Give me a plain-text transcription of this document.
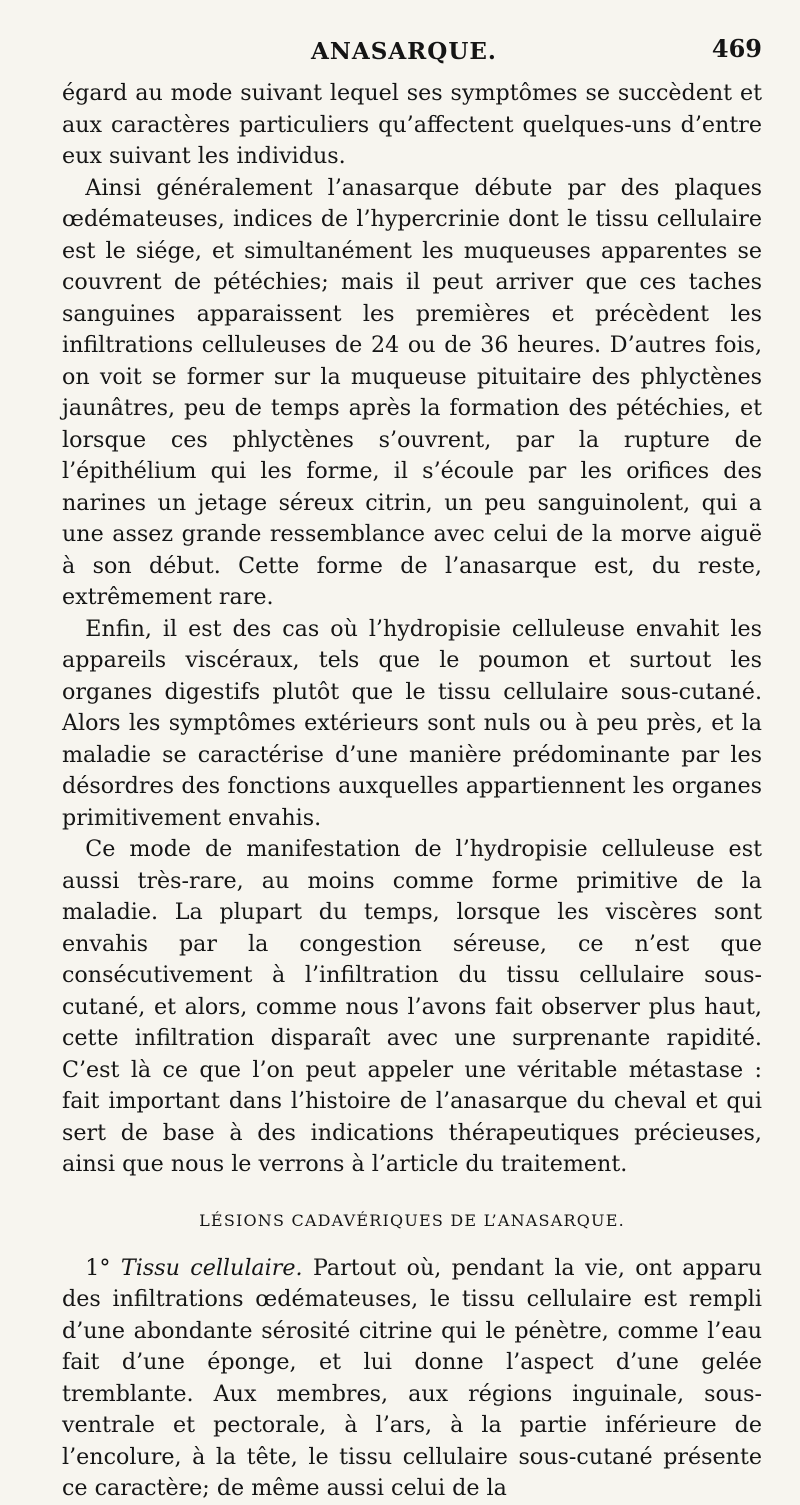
ANASARQUE.	469

égard au mode suivant lequel ses symptômes se succèdent et aux caractères particuliers qu’affectent quelques-uns d’entre eux suivant les individus.

Ainsi généralement l’anasarque débute par des plaques œdémateuses, indices de l’hypercrinie dont le tissu cellulaire est le siége, et simultanément les muqueuses apparentes se couvrent de pétéchies; mais il peut arriver que ces taches sanguines apparaissent les premières et précèdent les infiltrations celluleuses de 24 ou de 36 heures. D’autres fois, on voit se former sur la muqueuse pituitaire des phlyctènes jaunâtres, peu de temps après la formation des pétéchies, et lorsque ces phlyctènes s’ouvrent, par la rupture de l’épithélium qui les forme, il s’écoule par les orifices des narines un jetage séreux citrin, un peu sanguinolent, qui a une assez grande ressemblance avec celui de la morve aiguë à son début. Cette forme de l’anasarque est, du reste, extrêmement rare.

Enfin, il est des cas où l’hydropisie celluleuse envahit les appareils viscéraux, tels que le poumon et surtout les organes digestifs plutôt que le tissu cellulaire sous-cutané. Alors les symptômes extérieurs sont nuls ou à peu près, et la maladie se caractérise d’une manière prédominante par les désordres des fonctions auxquelles appartiennent les organes primitivement envahis.

Ce mode de manifestation de l’hydropisie celluleuse est aussi très-rare, au moins comme forme primitive de la maladie. La plupart du temps, lorsque les viscères sont envahis par la congestion séreuse, ce n’est que consécutivement à l’infiltration du tissu cellulaire sous-cutané, et alors, comme nous l’avons fait observer plus haut, cette infiltration disparaît avec une surprenante rapidité. C’est là ce que l’on peut appeler une véritable métastase : fait important dans l’histoire de l’anasarque du cheval et qui sert de base à des indications thérapeutiques précieuses, ainsi que nous le verrons à l’article du traitement.

LÉSIONS CADAVÉRIQUES DE L’ANASARQUE.

1° Tissu cellulaire. Partout où, pendant la vie, ont apparu des infiltrations œdémateuses, le tissu cellulaire est rempli d’une abondante sérosité citrine qui le pénètre, comme l’eau fait d’une éponge, et lui donne l’aspect d’une gelée tremblante. Aux membres, aux régions inguinale, sous-ventrale et pectorale, à l’ars, à la partie inférieure de l’encolure, à la tête, le tissu cellulaire sous-cutané présente ce caractère; de même aussi celui de la
